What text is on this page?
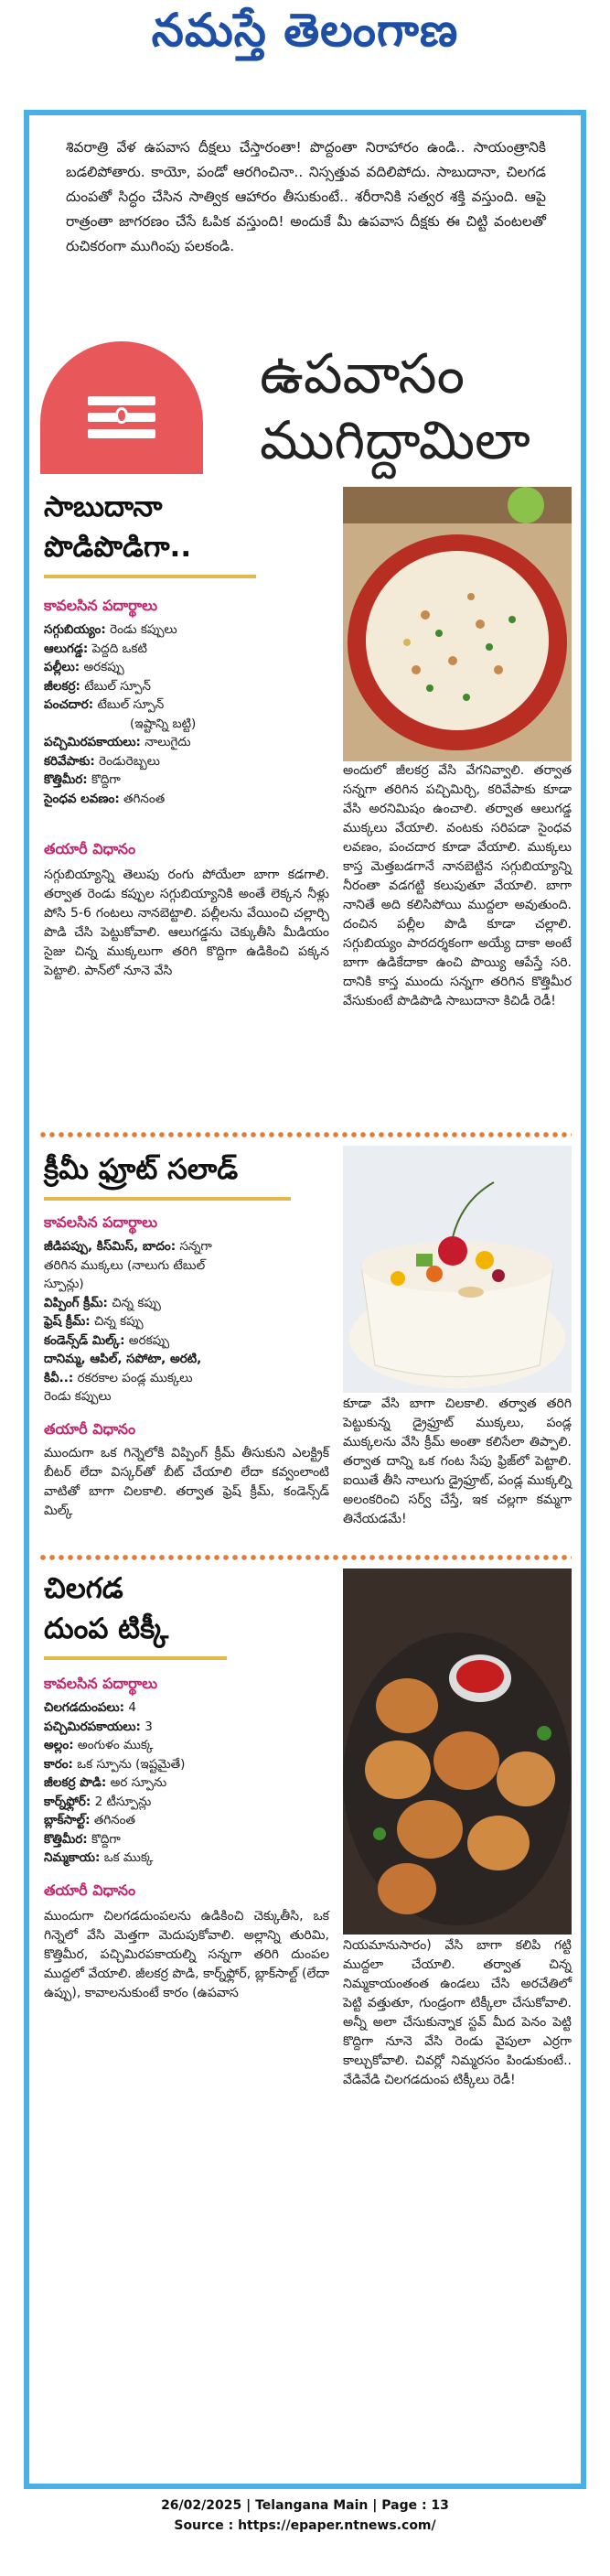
నమస్తే తెలంగాణ

శివరాత్రి వేళ ఉపవాస దీక్షలు చేస్తారంతా! పొద్దంతా నిరాహారం ఉండి.. సాయంత్రానికి బడలిపోతారు. కాయో, పండో ఆరగించినా.. నిస్సత్తువ వదిలిపోదు. సాబుదానా, చిలగడ దుంపతో సిద్ధం చేసిన సాత్విక ఆహారం తీసుకుంటే.. శరీరానికి సత్వర శక్తి వస్తుంది. ఆపై రాత్రంతా జాగరణం చేసే ఓపిక వస్తుంది! అందుకే మీ ఉపవాస దీక్షకు ఈ చిట్టి వంటలతో రుచికరంగా ముగింపు పలకండి.

ఉపవాసం
ముగిద్దామిలా
సాబుదానా
పొడిపొడిగా..
కావలసిన పదార్థాలు
సగ్గుబియ్యం: రెండు కప్పులు
ఆలుగడ్డ: పెద్దది ఒకటి
పల్లీలు: అరకప్పు
జీలకర్ర: టేబుల్ స్పూన్
పంచదార: టేబుల్ స్పూన్
(ఇష్టాన్ని బట్టి)
పచ్చిమిరపకాయలు: నాలుగైదు
కరివేపాకు: రెండురెబ్బలు
కొత్తిమీర: కొద్దిగా
సైంధవ లవణం: తగినంత
తయారీ విధానం

సగ్గుబియ్యాన్ని తెలుపు రంగు పోయేలా బాగా కడగాలి. తర్వాత రెండు కప్పుల సగ్గుబియ్యానికి అంతే లెక్కన నీళ్లు పోసి 5-6 గంటలు నానబెట్టాలి. పల్లీలను వేయించి చల్లార్చి పొడి చేసి పెట్టుకోవాలి. ఆలుగడ్డను చెక్కుతీసి మీడియం సైజు చిన్న ముక్కలుగా తరిగి కొద్దిగా ఉడికించి పక్కన పెట్టాలి. పాన్‌లో నూనె వేసి

అందులో జీలకర్ర వేసి వేగనివ్వాలి. తర్వాత సన్నగా తరిగిన పచ్చిమిర్చి, కరివేపాకు కూడా వేసి అరనిమిషం ఉంచాలి. తర్వాత ఆలుగడ్డ ముక్కలు వేయాలి. వంటకు సరిపడా సైంధవ లవణం, పంచదార కూడా వేయాలి. ముక్కలు కాస్త మెత్తబడగానే నానబెట్టిన సగ్గుబియ్యాన్ని నీరంతా వడగట్టి కలుపుతూ వేయాలి. బాగా నానితే అది కలిసిపోయి ముద్దలా అవుతుంది. దంచిన పల్లీల పొడి కూడా చల్లాలి. సగ్గుబియ్యం పారదర్శకంగా అయ్యే దాకా అంటే బాగా ఉడికేదాకా ఉంచి పొయ్యి ఆపేస్తే సరి. దానికి కాస్త ముందు సన్నగా తరిగిన కొత్తిమీర వేసుకుంటే పొడిపొడి సాబుదానా కిచిడీ రెడీ!

క్రీమీ ఫ్రూట్ సలాడ్
కావలసిన పదార్థాలు
జీడిపప్పు, కిస్‌మిస్, బాదం: సన్నగా
తరిగిన ముక్కలు (నాలుగు టేబుల్
స్పూన్లు)
విప్పింగ్ క్రీమ్: చిన్న కప్పు
ఫ్రెష్ క్రీమ్: చిన్న కప్పు
కండెన్స్‌డ్ మిల్క్: అరకప్పు
దానిమ్మ, ఆపిల్, సపోటా, అరటి,
కివీ..: రకరకాల పండ్ల ముక్కలు
రెండు కప్పులు
తయారీ విధానం

ముందుగా ఒక గిన్నెలోకి విప్పింగ్ క్రీమ్ తీసుకుని ఎలక్ట్రిక్ బీటర్ లేదా విస్కర్‌తో బీట్ చేయాలి లేదా కవ్వంలాంటి వాటితో బాగా చిలకాలి. తర్వాత ఫ్రెష్ క్రీమ్, కండెన్స్‌డ్ మిల్క్

కూడా వేసి బాగా చిలకాలి. తర్వాత తరిగి పెట్టుకున్న డ్రైఫ్రూట్ ముక్కలు, పండ్ల ముక్కలను వేసి క్రీమ్ అంతా కలిసేలా తిప్పాలి. తర్వాత దాన్ని ఒక గంట సేపు ఫ్రిజ్‌లో పెట్టాలి. ఐయితే తీసి నాలుగు డ్రైఫ్రూట్, పండ్ల ముక్కల్ని అలంకరించి సర్వ్ చేస్తే, ఇక చల్లగా కమ్మగా తినేయడమే!

చిలగడ
దుంప టిక్కీ
కావలసిన పదార్థాలు
చిలగడదుంపలు: 4
పచ్చిమిరపకాయలు: 3
అల్లం: అంగుళం ముక్క
కారం: ఒక స్పూను (ఇష్టమైతే)
జీలకర్ర పొడి: అర స్పూను
కార్న్‌ఫ్లోర్: 2 టీస్పూన్లు
బ్లాక్‌సాల్ట్: తగినంత
కొత్తిమీర: కొద్దిగా
నిమ్మకాయ: ఒక ముక్క
తయారీ విధానం

ముందుగా చిలగడదుంపలను ఉడికించి చెక్కుతీసి, ఒక గిన్నెలో వేసి మెత్తగా మెదుపుకోవాలి. అల్లాన్ని తురిమి, కొత్తిమీర, పచ్చిమిరపకాయల్ని సన్నగా తరిగి దుంపల ముద్దలో వేయాలి. జీలకర్ర పొడి, కార్న్‌ఫ్లోర్, బ్లాక్‌సాల్ట్ (లేదా ఉప్పు), కావాలనుకుంటే కారం (ఉపవాస

నియమానుసారం) వేసి బాగా కలిపి గట్టి ముద్దలా చేయాలి. తర్వాత చిన్న నిమ్మకాయంతంత ఉండలు చేసి అరచేతిలో పెట్టి వత్తుతూ, గుండ్రంగా టిక్కీలా చేసుకోవాలి. అన్నీ అలా చేసుకున్నాక స్టవ్ మీద పెనం పెట్టి కొద్దిగా నూనె వేసి రెండు వైపులా ఎర్రగా కాల్చుకోవాలి. చివర్లో నిమ్మరసం పిండుకుంటే.. వేడివేడి చిలగడదుంప టిక్కీలు రెడీ!

26/02/2025 | Telangana Main | Page : 13
Source : https://epaper.ntnews.com/
